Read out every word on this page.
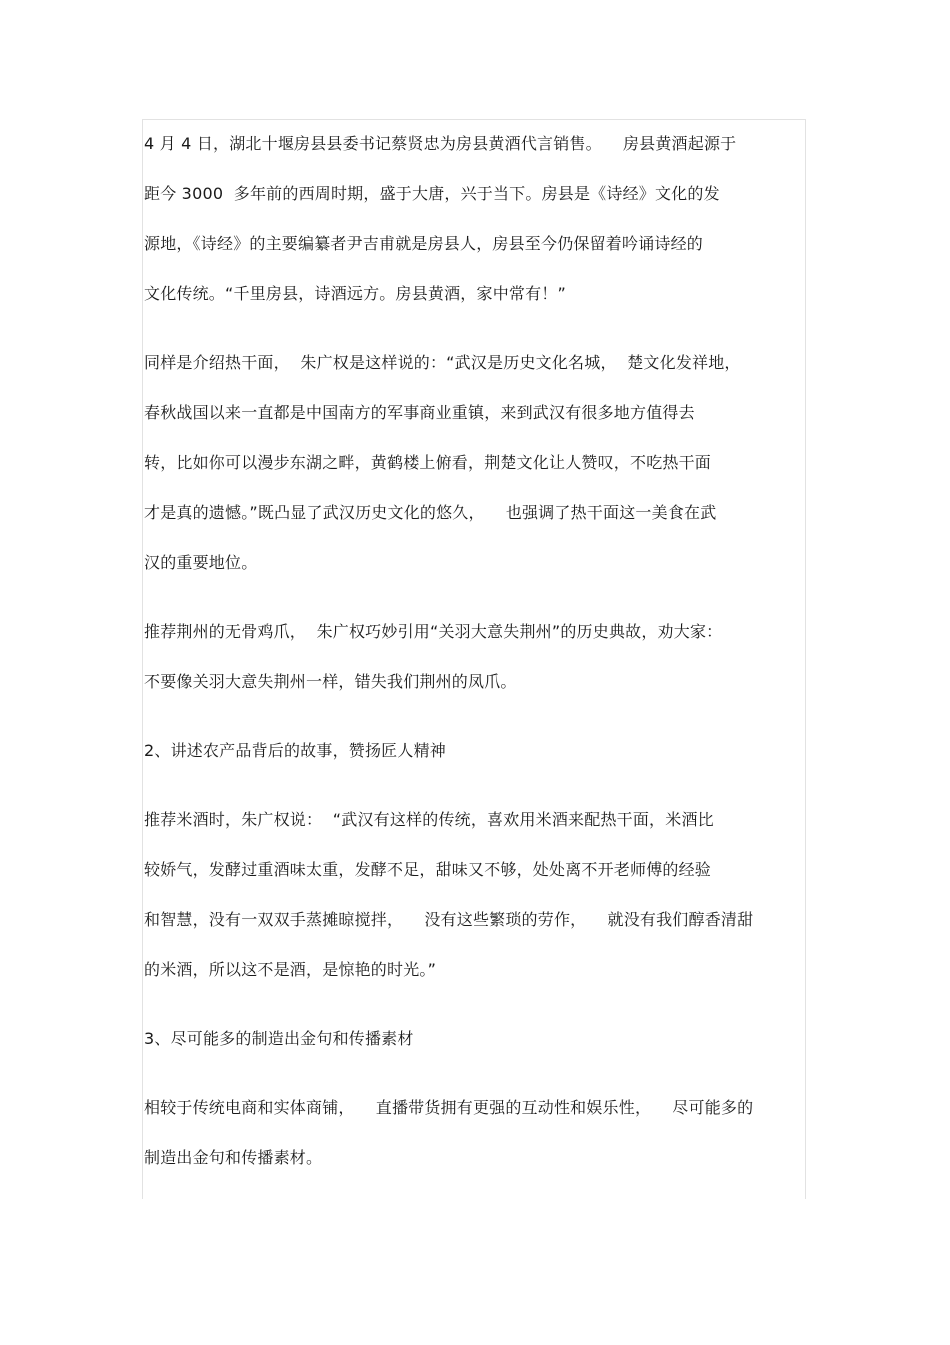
4 月 4 日，湖北十堰房县县委书记蔡贤忠为房县黄酒代言销售。    房县黄酒起源于
距今 3000  多年前的西周时期，盛于大唐，兴于当下。房县是《诗经》文化的发
源地，《诗经》的主要编纂者尹吉甫就是房县人，房县至今仍保留着吟诵诗经的
文化传统。“千里房县，诗酒远方。房县黄酒，家中常有！”
同样是介绍热干面，  朱广权是这样说的：“武汉是历史文化名城，  楚文化发祥地，
春秋战国以来一直都是中国南方的军事商业重镇，来到武汉有很多地方值得去
转，比如你可以漫步东湖之畔，黄鹤楼上俯看，荆楚文化让人赞叹，不吃热干面
才是真的遗憾。”既凸显了武汉历史文化的悠久，    也强调了热干面这一美食在武
汉的重要地位。
推荐荆州的无骨鸡爪，  朱广权巧妙引用“关羽大意失荆州”的历史典故，劝大家：
不要像关羽大意失荆州一样，错失我们荆州的凤爪。
2、讲述农产品背后的故事，赞扬匠人精神
推荐米酒时，朱广权说：  “武汉有这样的传统，喜欢用米酒来配热干面，米酒比
较娇气，发酵过重酒味太重，发酵不足，甜味又不够，处处离不开老师傅的经验
和智慧，没有一双双手蒸摊晾搅拌，    没有这些繁琐的劳作，    就没有我们醇香清甜
的米酒，所以这不是酒，是惊艳的时光。”
3、尽可能多的制造出金句和传播素材
相较于传统电商和实体商铺，    直播带货拥有更强的互动性和娱乐性，    尽可能多的
制造出金句和传播素材。
